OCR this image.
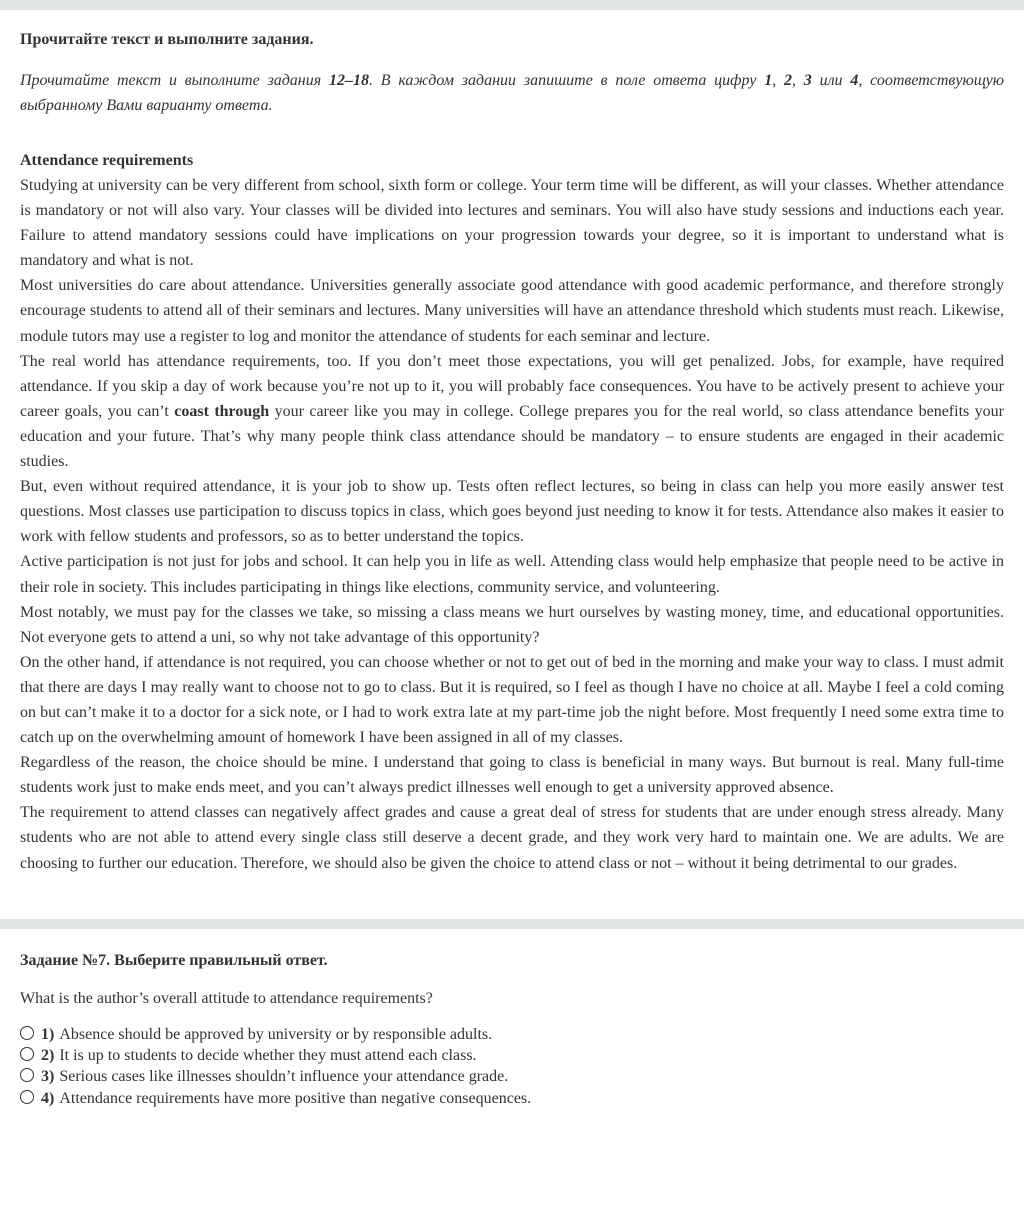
Прочитайте текст и выполните задания.

Прочитайте текст и выполните задания 12–18. В каждом задании запишите в поле ответа цифру 1, 2, 3 или 4, соответствующую выбранному Вами варианту ответа.

Attendance requirements

Studying at university can be very different from school, sixth form or college. Your term time will be different, as will your classes. Whether attendance is mandatory or not will also vary. Your classes will be divided into lectures and seminars. You will also have study sessions and inductions each year. Failure to attend mandatory sessions could have implications on your progression towards your degree, so it is important to understand what is mandatory and what is not.

Most universities do care about attendance. Universities generally associate good attendance with good academic performance, and therefore strongly encourage students to attend all of their seminars and lectures. Many universities will have an attendance threshold which students must reach. Likewise, module tutors may use a register to log and monitor the attendance of students for each seminar and lecture.

The real world has attendance requirements, too. If you don’t meet those expectations, you will get penalized. Jobs, for example, have required attendance. If you skip a day of work because you’re not up to it, you will probably face consequences. You have to be actively present to achieve your career goals, you can’t coast through your career like you may in college. College prepares you for the real world, so class attendance benefits your education and your future. That’s why many people think class attendance should be mandatory – to ensure students are engaged in their academic studies.

But, even without required attendance, it is your job to show up. Tests often reflect lectures, so being in class can help you more easily answer test questions. Most classes use participation to discuss topics in class, which goes beyond just needing to know it for tests. Attendance also makes it easier to work with fellow students and professors, so as to better understand the topics.

Active participation is not just for jobs and school. It can help you in life as well. Attending class would help emphasize that people need to be active in their role in society. This includes participating in things like elections, community service, and volunteering.

Most notably, we must pay for the classes we take, so missing a class means we hurt ourselves by wasting money, time, and educational opportunities. Not everyone gets to attend a uni, so why not take advantage of this opportunity?

On the other hand, if attendance is not required, you can choose whether or not to get out of bed in the morning and make your way to class. I must admit that there are days I may really want to choose not to go to class. But it is required, so I feel as though I have no choice at all. Maybe I feel a cold coming on but can’t make it to a doctor for a sick note, or I had to work extra late at my part-time job the night before. Most frequently I need some extra time to catch up on the overwhelming amount of homework I have been assigned in all of my classes.

Regardless of the reason, the choice should be mine. I understand that going to class is beneficial in many ways. But burnout is real. Many full-time students work just to make ends meet, and you can’t always predict illnesses well enough to get a university approved absence.

The requirement to attend classes can negatively affect grades and cause a great deal of stress for students that are under enough stress already. Many students who are not able to attend every single class still deserve a decent grade, and they work very hard to maintain one. We are adults. We are choosing to further our education. Therefore, we should also be given the choice to attend class or not – without it being detrimental to our grades.

Задание №7. Выберите правильный ответ.

What is the author’s overall attitude to attendance requirements?

1) Absence should be approved by university or by responsible adults.
2) It is up to students to decide whether they must attend each class.
3) Serious cases like illnesses shouldn’t influence your attendance grade.
4) Attendance requirements have more positive than negative consequences.
